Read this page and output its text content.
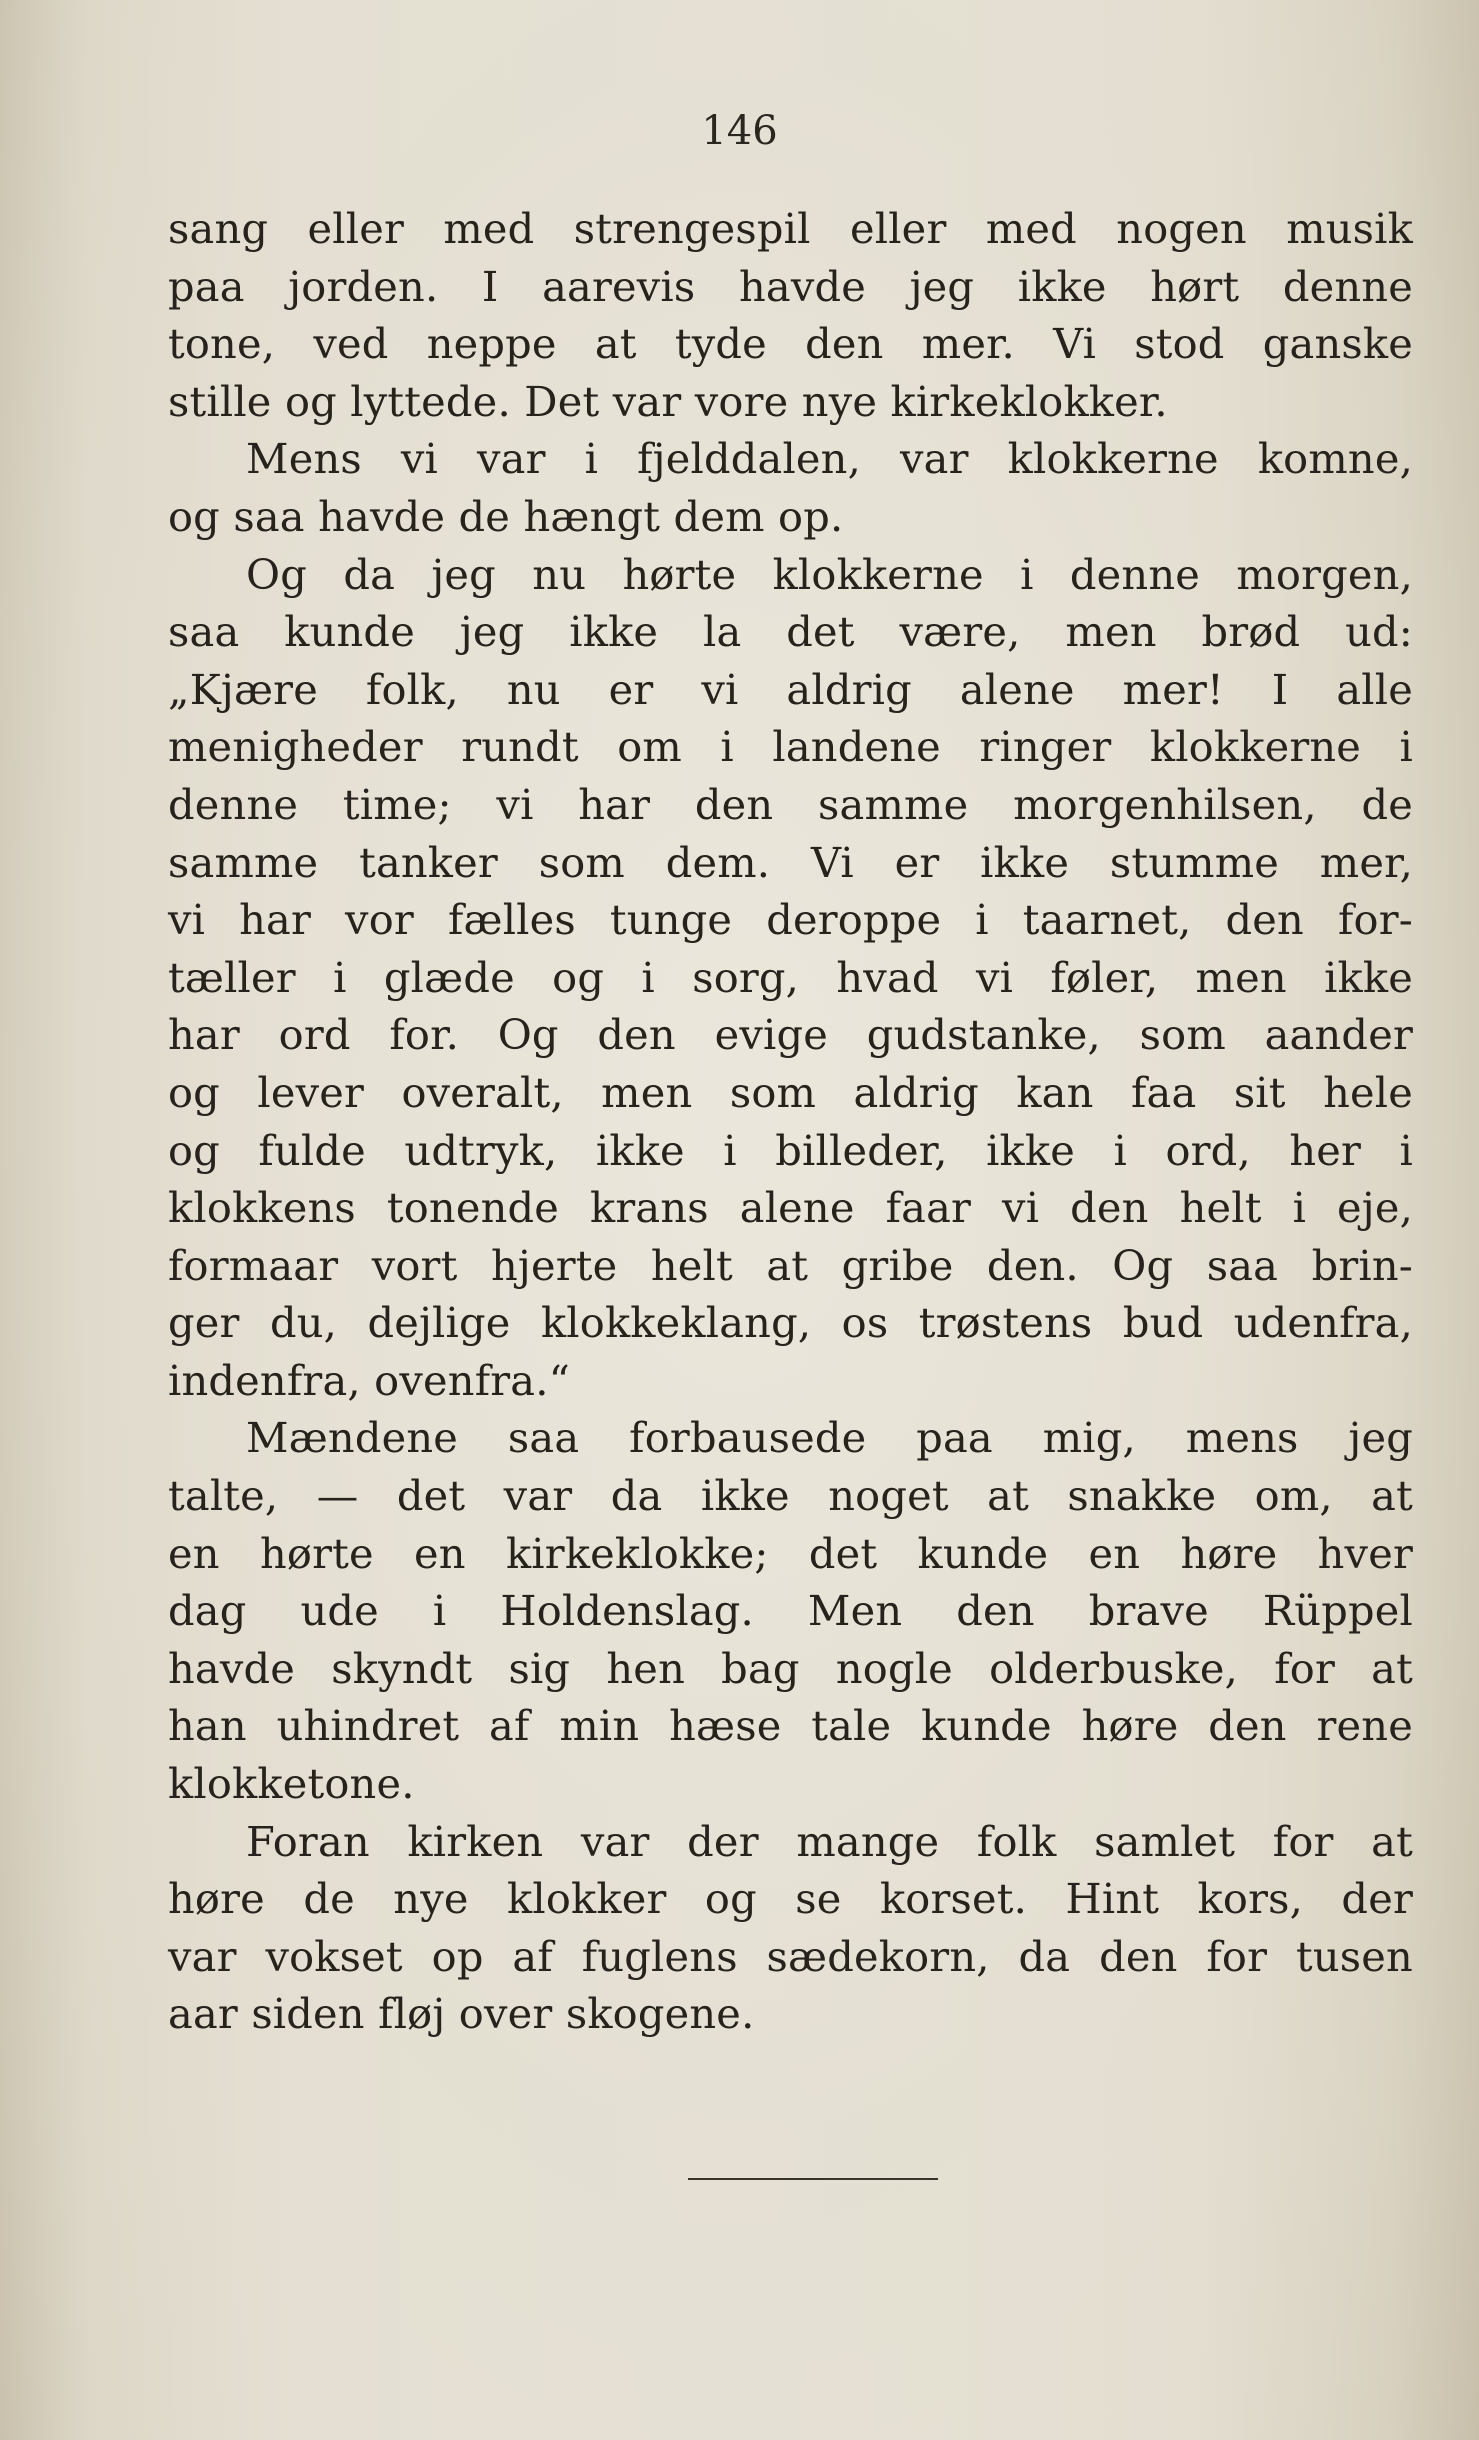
146
sang eller med strengespil eller med nogen musik
paa jorden. I aarevis havde jeg ikke hørt denne
tone, ved neppe at tyde den mer. Vi stod ganske
stille og lyttede. Det var vore nye kirkeklokker.
Mens vi var i fjelddalen, var klokkerne komne,
og saa havde de hængt dem op.
Og da jeg nu hørte klokkerne i denne morgen,
saa kunde jeg ikke la det være, men brød ud:
„Kjære folk, nu er vi aldrig alene mer! I alle
menigheder rundt om i landene ringer klokkerne i
denne time; vi har den samme morgenhilsen, de
samme tanker som dem. Vi er ikke stumme mer,
vi har vor fælles tunge deroppe i taarnet, den for-
tæller i glæde og i sorg, hvad vi føler, men ikke
har ord for. Og den evige gudstanke, som aander
og lever overalt, men som aldrig kan faa sit hele
og fulde udtryk, ikke i billeder, ikke i ord, her i
klokkens tonende krans alene faar vi den helt i eje,
formaar vort hjerte helt at gribe den. Og saa brin-
ger du, dejlige klokkeklang, os trøstens bud udenfra,
indenfra, ovenfra.“
Mændene saa forbausede paa mig, mens jeg
talte, — det var da ikke noget at snakke om, at
en hørte en kirkeklokke; det kunde en høre hver
dag ude i Holdenslag. Men den brave Rüppel
havde skyndt sig hen bag nogle olderbuske, for at
han uhindret af min hæse tale kunde høre den rene
klokketone.
Foran kirken var der mange folk samlet for at
høre de nye klokker og se korset. Hint kors, der
var vokset op af fuglens sædekorn, da den for tusen
aar siden fløj over skogene.
